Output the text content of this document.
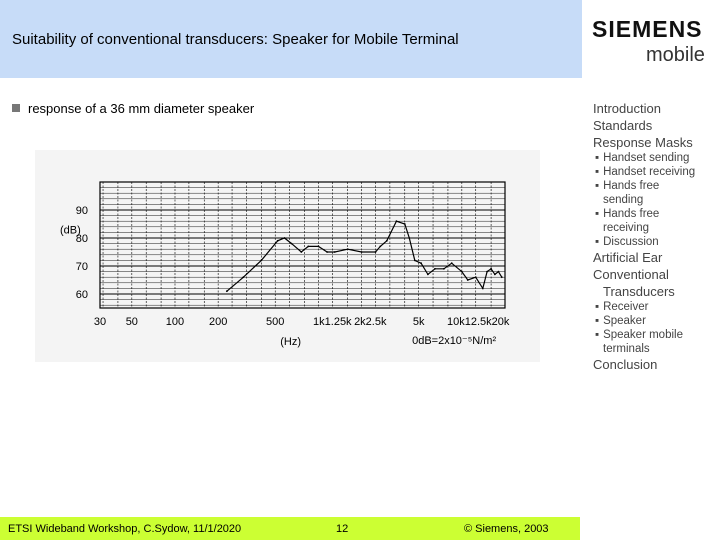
Suitability of conventional transducers: Speaker for Mobile Terminal	SIEMENS
mobile
response of a 36 mm diameter speaker
90
80
70
60
30 50	100 200	500	1k1.25k 2k2.5k 5k 10k12.5k20k
(dB)
(Hz)	0dB=2x10⁻⁵N/m²
Introduction
Standards
Response Masks
▪ Handset sending
▪ Handset receiving
▪ Hands free
sending
▪ Hands free
receiving
▪ Discussion
Artificial Ear
Conventional
Transducers
▪ Receiver
▪ Speaker
▪ Speaker mobile
terminals
Conclusion
ETSI Wideband Workshop, C.Sydow, 11/1/2020	12	© Siemens, 2003
